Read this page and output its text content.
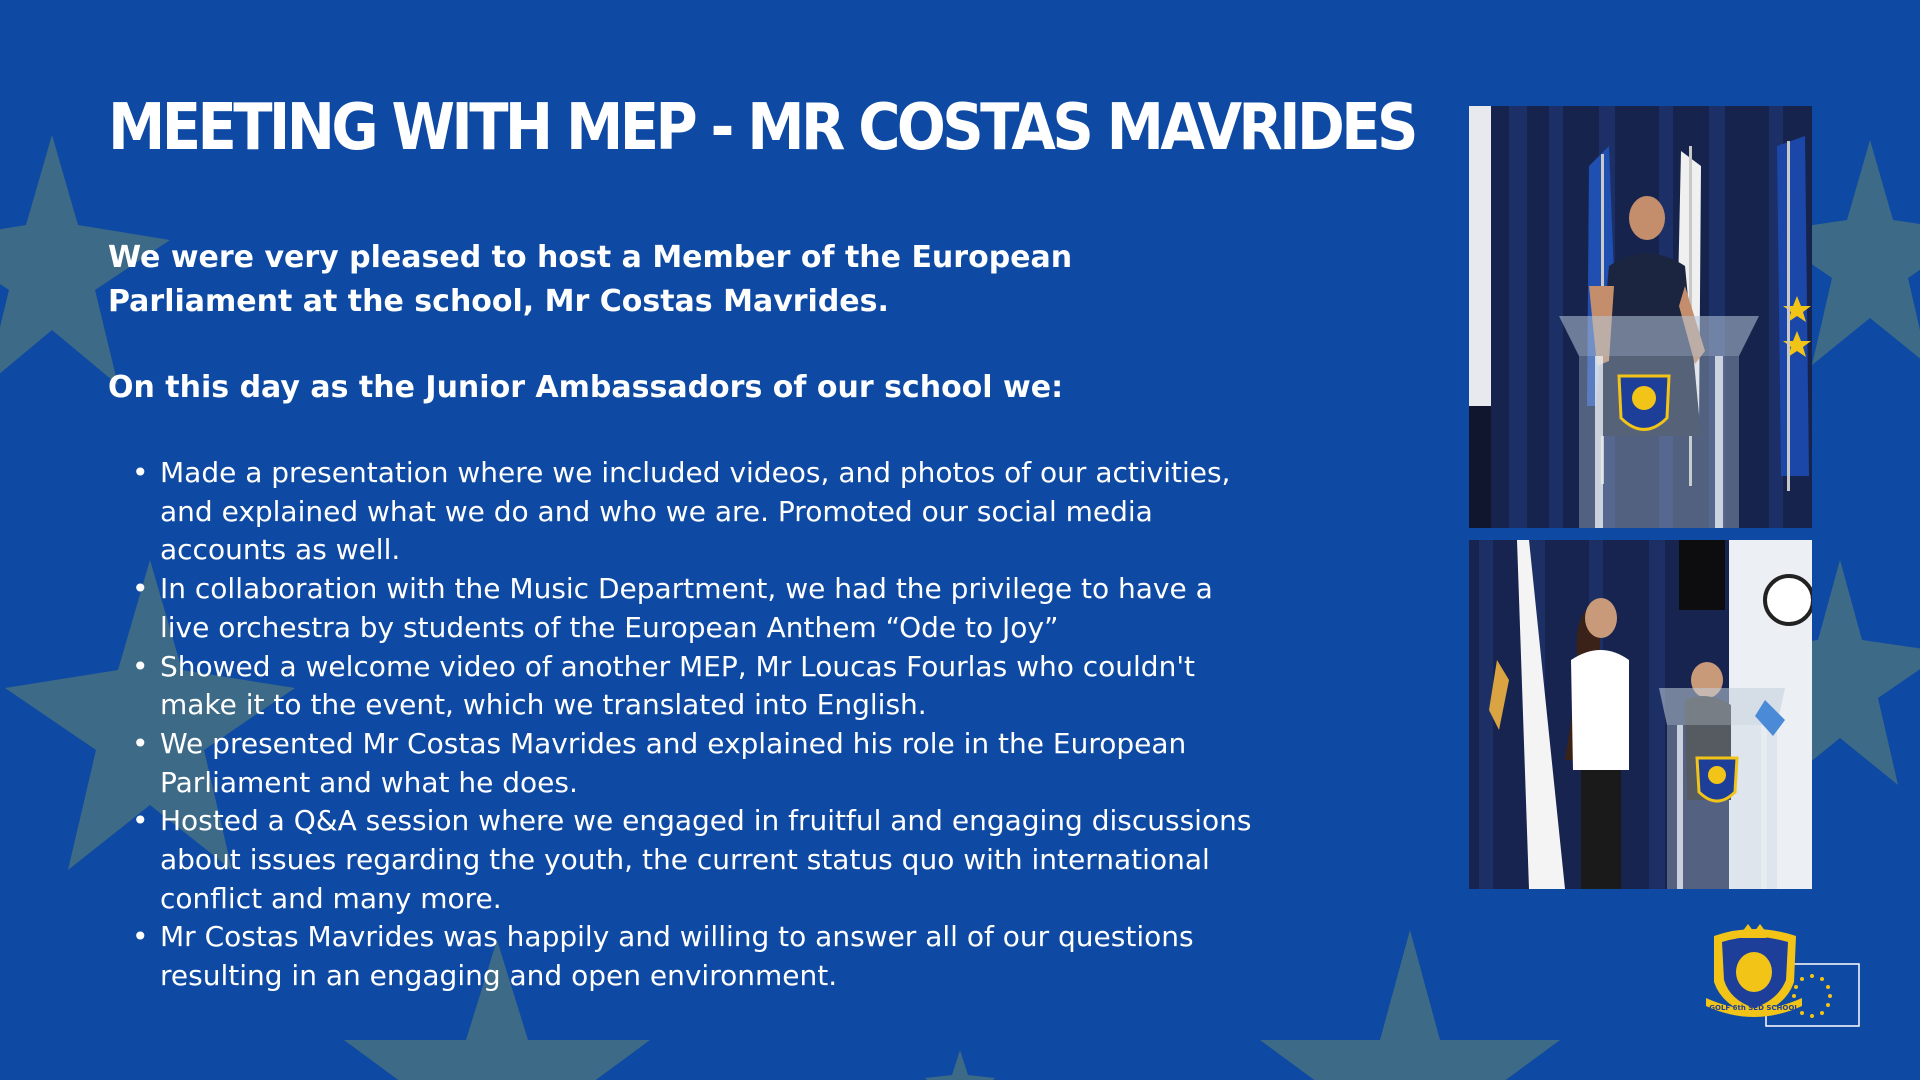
MEETING WITH MEP - MR COSTAS MAVRIDES

We were very pleased to host a Member of the European Parliament at the school, Mr Costas Mavrides.

On this day as the Junior Ambassadors of our school we:

• Made a presentation where we included videos, and photos of our activities, and explained what we do and who we are. Promoted our social media accounts as well.
• In collaboration with the Music Department, we had the privilege to have a live orchestra by students of the European Anthem “Ode to Joy”
• Showed a welcome video of another MEP, Mr Loucas Fourlas who couldn't make it to the event, which we translated into English.
• We presented Mr Costas Mavrides and explained his role in the European Parliament and what he does.
• Hosted a Q&A session where we engaged in fruitful and engaging discussions about issues regarding the youth, the current status quo with international conflict and many more.
• Mr Costas Mavrides was happily and willing to answer all of our questions resulting in an engaging and open environment.
GOLF 6th SED SCHOOL
